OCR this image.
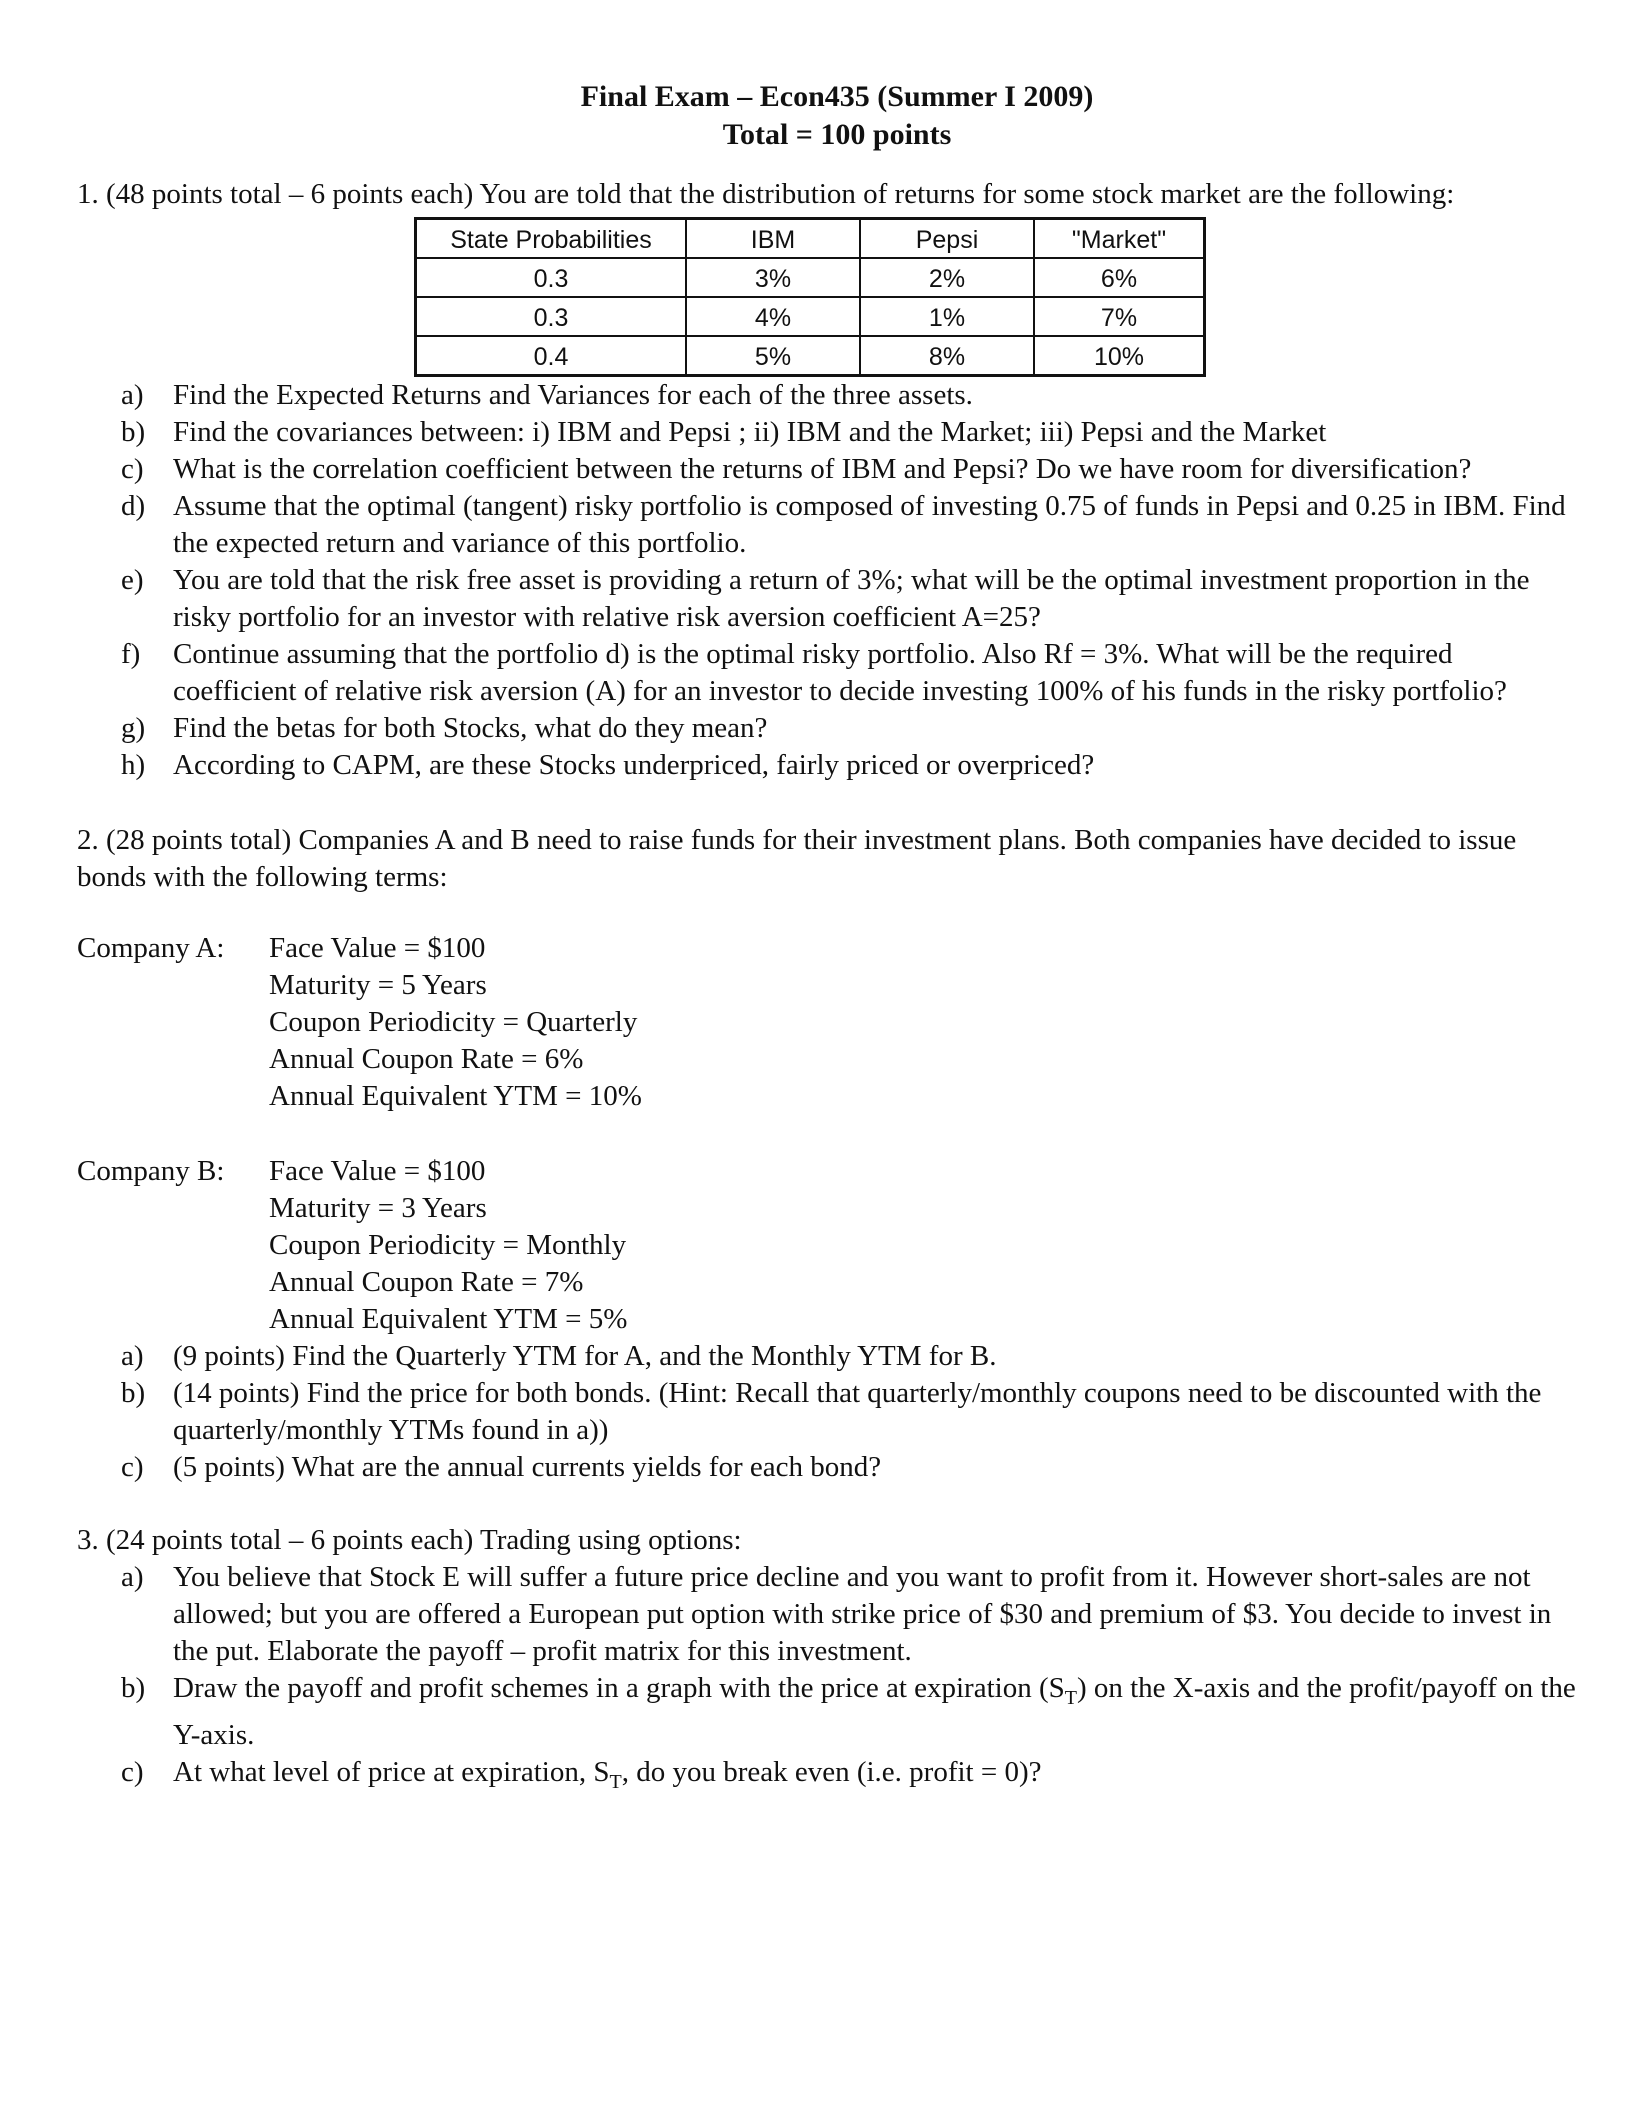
Final Exam – Econ435 (Summer I 2009)
Total = 100 points
1. (48 points total – 6 points each) You are told that the distribution of returns for some stock market are the following:
State Probabilities	IBM	Pepsi	"Market"
0.3	3%	2%	6%
0.3	4%	1%	7%
0.4	5%	8%	10%
a)	Find the Expected Returns and Variances for each of the three assets.
b) Find the covariances between: i) IBM and Pepsi ; ii) IBM and the Market; iii) Pepsi and the Market
c)	What is the correlation coefficient between the returns of IBM and Pepsi? Do we have room for diversification?
d) Assume that the optimal (tangent) risky portfolio is composed of investing 0.75 of funds in Pepsi and 0.25 in IBM. Find the expected return and variance of this portfolio.
e)	You are told that the risk free asset is providing a return of 3%; what will be the optimal investment proportion in the risky portfolio for an investor with relative risk aversion coefficient A=25?
f)	Continue assuming that the portfolio d) is the optimal risky portfolio. Also Rf = 3%. What will be the required coefficient of relative risk aversion (A) for an investor to decide investing 100% of his funds in the risky portfolio?
g) Find the betas for both Stocks, what do they mean?
h) According to CAPM, are these Stocks underpriced, fairly priced or overpriced?
2. (28 points total) Companies A and B need to raise funds for their investment plans. Both companies have decided to issue bonds with the following terms:
Company A:	Face Value = $100
Maturity = 5 Years
Coupon Periodicity = Quarterly
Annual Coupon Rate = 6%
Annual Equivalent YTM = 10%
Company B:	Face Value = $100
Maturity = 3 Years
Coupon Periodicity = Monthly
Annual Coupon Rate = 7%
Annual Equivalent YTM = 5%
a)	(9 points) Find the Quarterly YTM for A, and the Monthly YTM for B.
b) (14 points) Find the price for both bonds. (Hint: Recall that quarterly/monthly coupons need to be discounted with the quarterly/monthly YTMs found in a))
c)	(5 points) What are the annual currents yields for each bond?
3. (24 points total – 6 points each) Trading using options:
a)	You believe that Stock E will suffer a future price decline and you want to profit from it. However short-sales are not allowed; but you are offered a European put option with strike price of $30 and premium of $3. You decide to invest in the put. Elaborate the payoff – profit matrix for this investment.
b) Draw the payoff and profit schemes in a graph with the price at expiration $(S_T)$ on the X-axis and the profit/payoff on the Y-axis.
c)	At what level of price at expiration, $S_T$, do you break even (i.e. profit = 0)?
